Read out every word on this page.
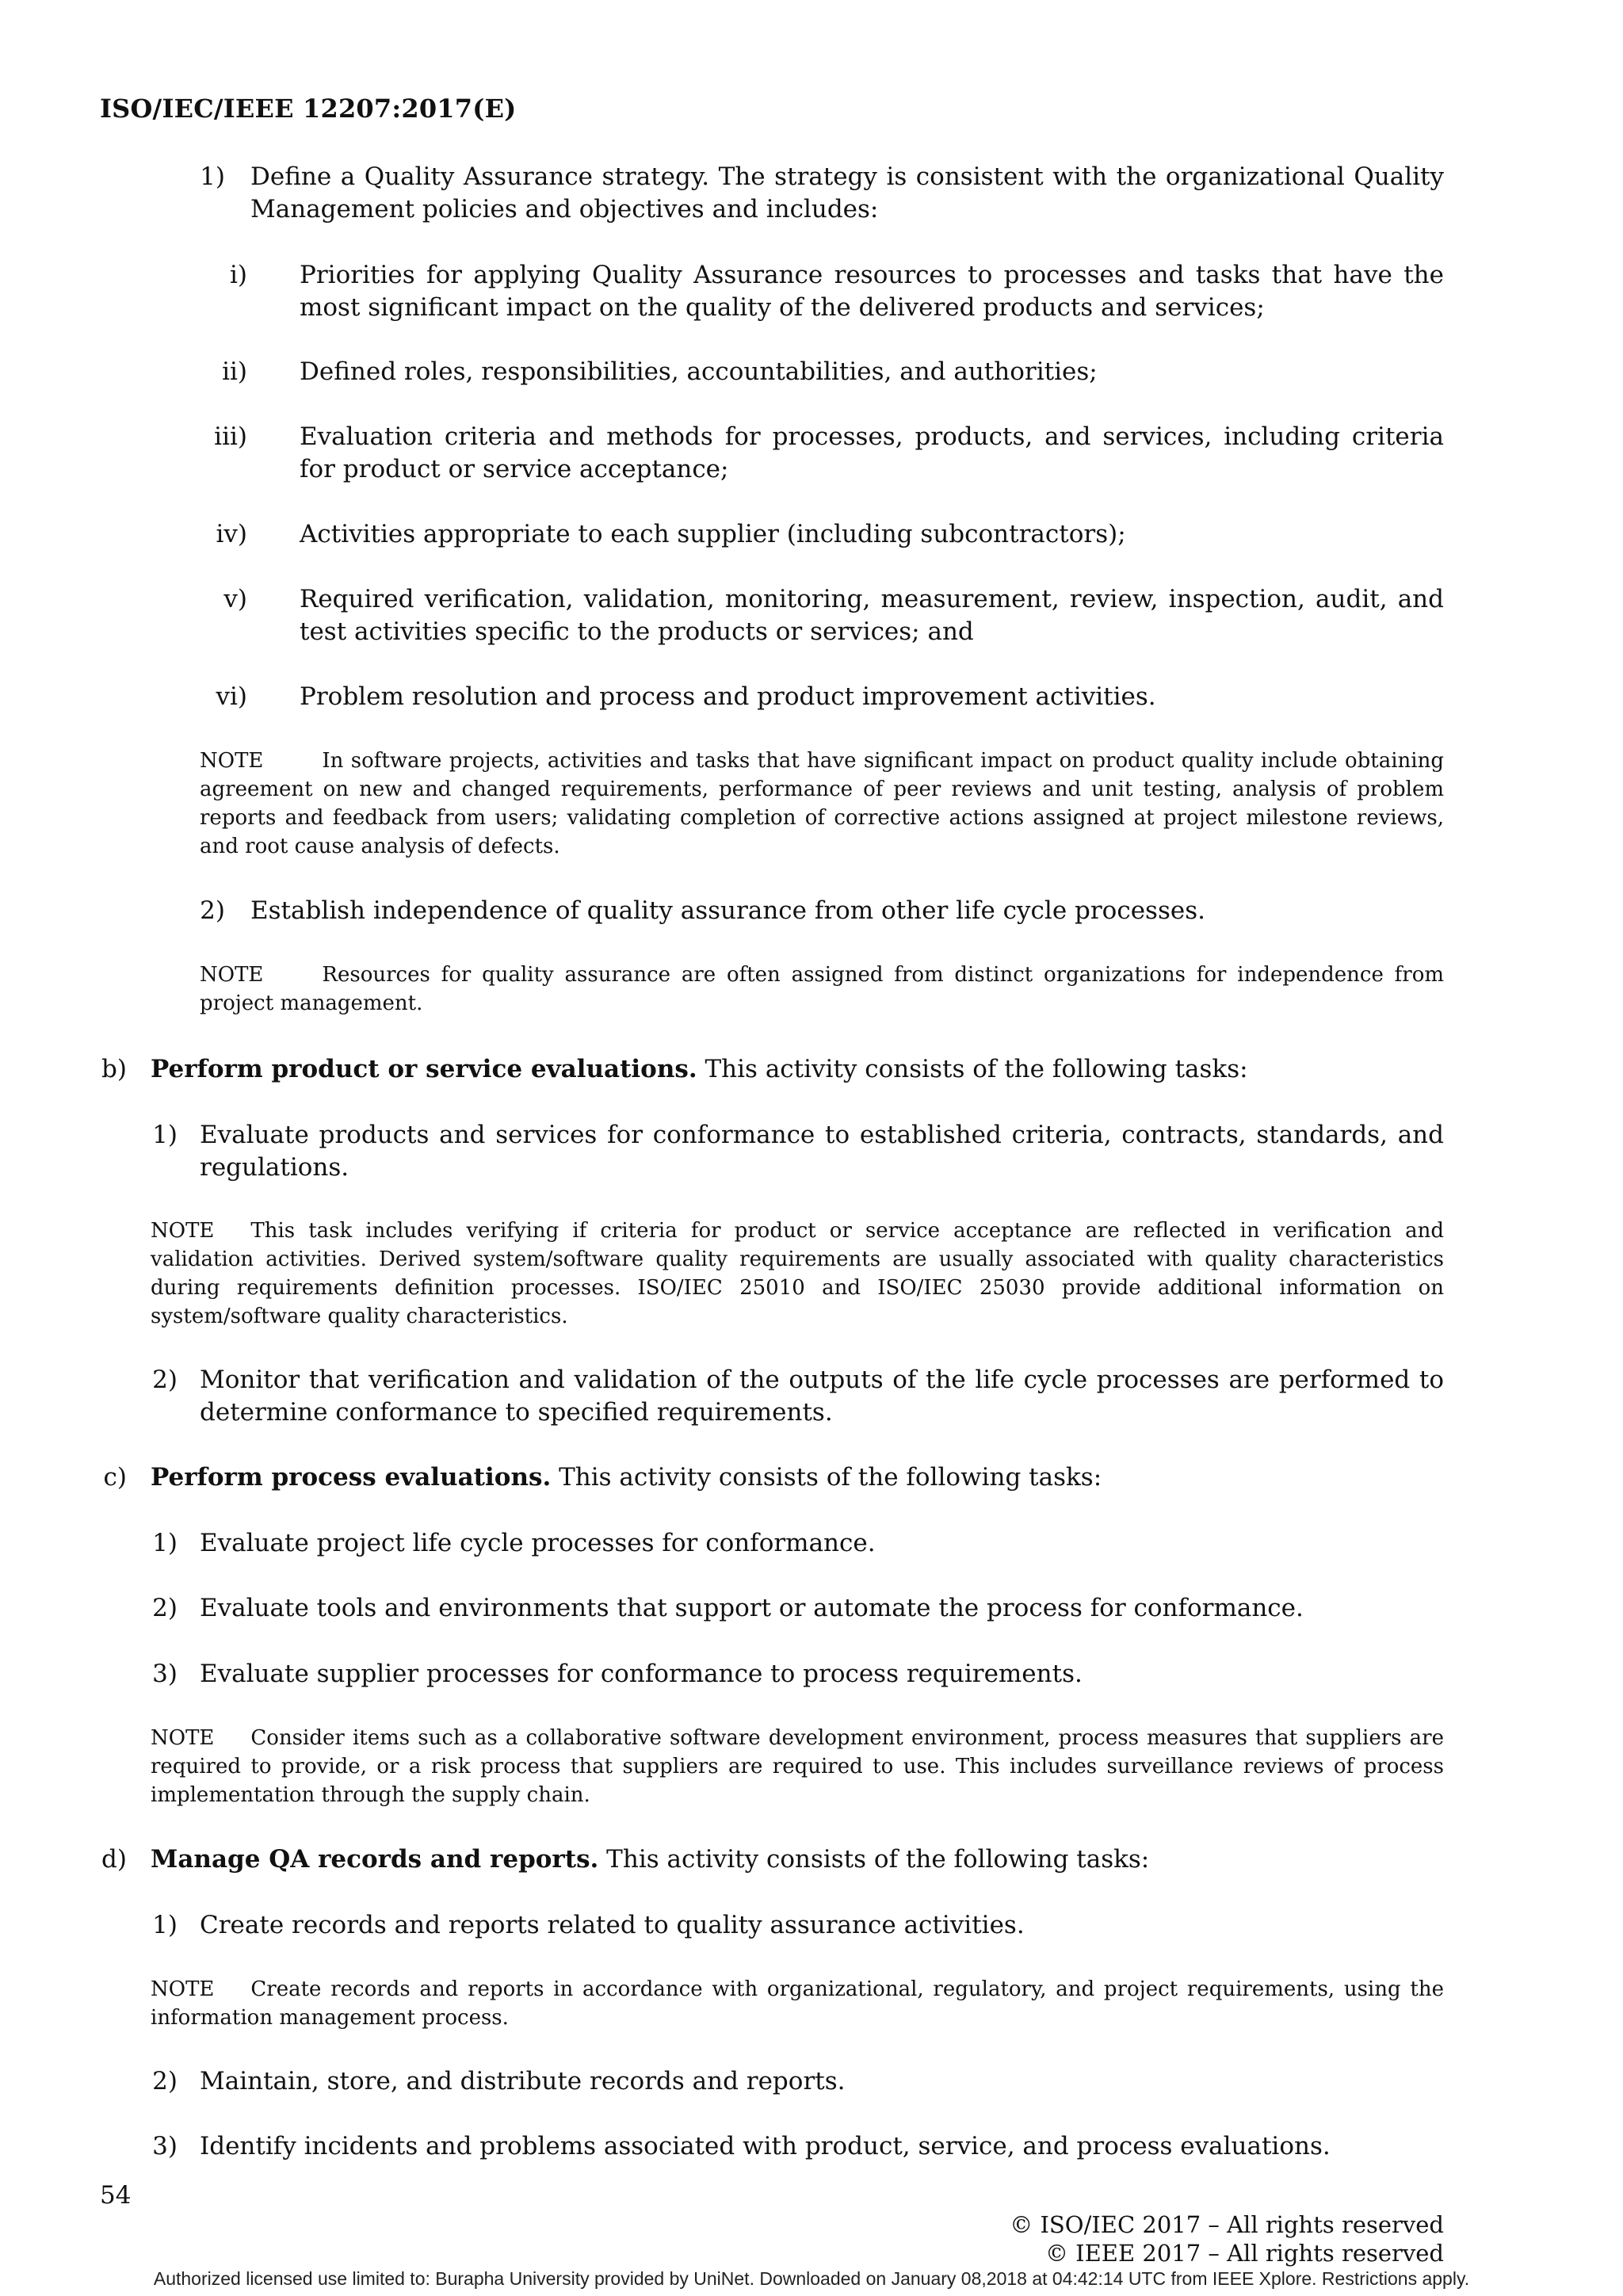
ISO/IEC/IEEE 12207:2017(E)
1) Define a Quality Assurance strategy. The strategy is consistent with the organizational Quality Management policies and objectives and includes:
i) Priorities for applying Quality Assurance resources to processes and tasks that have the most significant impact on the quality of the delivered products and services;
ii) Defined roles, responsibilities, accountabilities, and authorities;
iii) Evaluation criteria and methods for processes, products, and services, including criteria for product or service acceptance;
iv) Activities appropriate to each supplier (including subcontractors);
v) Required verification, validation, monitoring, measurement, review, inspection, audit, and test activities specific to the products or services; and
vi) Problem resolution and process and product improvement activities.
NOTE	In software projects, activities and tasks that have significant impact on product quality include obtaining agreement on new and changed requirements, performance of peer reviews and unit testing, analysis of problem reports and feedback from users; validating completion of corrective actions assigned at project milestone reviews, and root cause analysis of defects.
2) Establish independence of quality assurance from other life cycle processes.
NOTE	Resources for quality assurance are often assigned from distinct organizations for independence from project management.
b) Perform product or service evaluations. This activity consists of the following tasks:
1) Evaluate products and services for conformance to established criteria, contracts, standards, and regulations.
NOTE This task includes verifying if criteria for product or service acceptance are reflected in verification and validation activities. Derived system/software quality requirements are usually associated with quality characteristics during requirements definition processes. ISO/IEC 25010 and ISO/IEC 25030 provide additional information on system/software quality characteristics.
2) Monitor that verification and validation of the outputs of the life cycle processes are performed to determine conformance to specified requirements.
c) Perform process evaluations. This activity consists of the following tasks:
1) Evaluate project life cycle processes for conformance.
2) Evaluate tools and environments that support or automate the process for conformance.
3) Evaluate supplier processes for conformance to process requirements.
NOTE Consider items such as a collaborative software development environment, process measures that suppliers are required to provide, or a risk process that suppliers are required to use. This includes surveillance reviews of process implementation through the supply chain.
d) Manage QA records and reports. This activity consists of the following tasks:
1) Create records and reports related to quality assurance activities.
NOTE Create records and reports in accordance with organizational, regulatory, and project requirements, using the information management process.
2) Maintain, store, and distribute records and reports.
3) Identify incidents and problems associated with product, service, and process evaluations.
54
© ISO/IEC 2017 – All rights reserved
© IEEE 2017 – All rights reserved
Authorized licensed use limited to: Burapha University provided by UniNet. Downloaded on January 08,2018 at 04:42:14 UTC from IEEE Xplore. Restrictions apply.
